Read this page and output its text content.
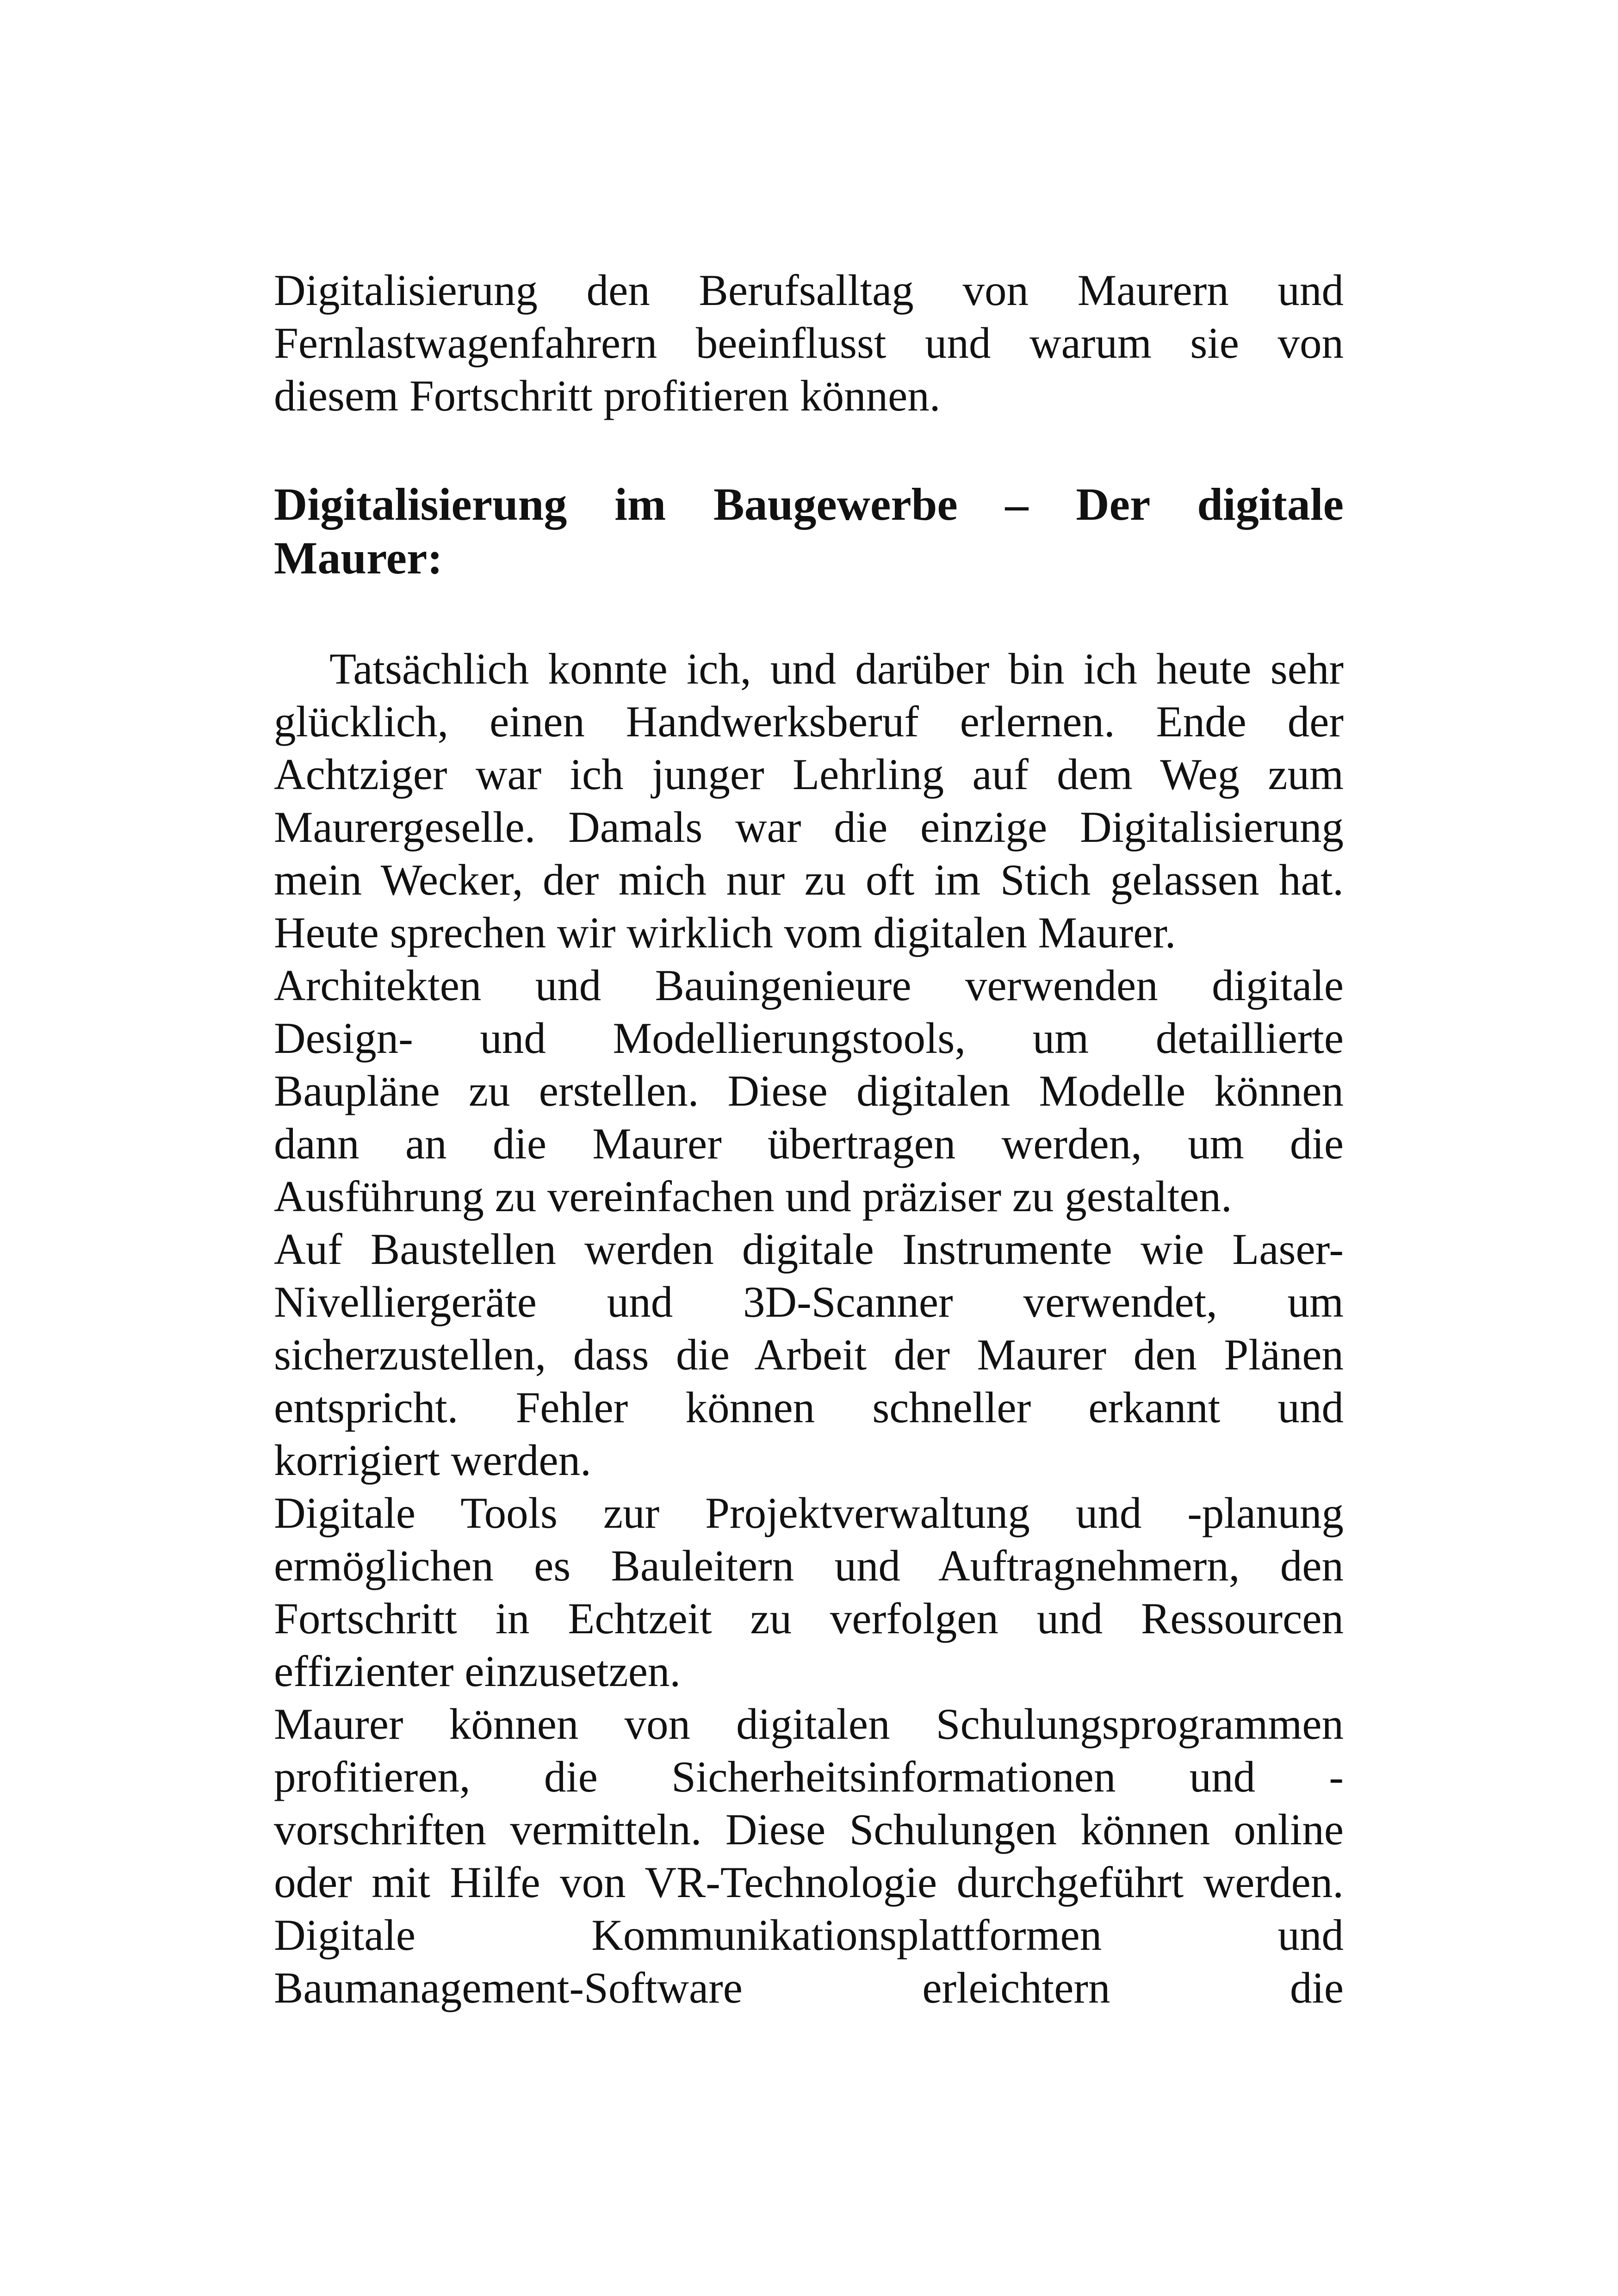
Digitalisierung den Berufsalltag von Maurern und
Fernlastwagenfahrern beeinflusst und warum sie von
diesem Fortschritt profitieren können.
Digitalisierung im Baugewerbe – Der digitale
Maurer:
Tatsächlich konnte ich, und darüber bin ich heute sehr
glücklich, einen Handwerksberuf erlernen. Ende der
Achtziger war ich junger Lehrling auf dem Weg zum
Maurergeselle. Damals war die einzige Digitalisierung
mein Wecker, der mich nur zu oft im Stich gelassen hat.
Heute sprechen wir wirklich vom digitalen Maurer.
Architekten und Bauingenieure verwenden digitale
Design- und Modellierungstools, um detaillierte
Baupläne zu erstellen. Diese digitalen Modelle können
dann an die Maurer übertragen werden, um die
Ausführung zu vereinfachen und präziser zu gestalten.
Auf Baustellen werden digitale Instrumente wie Laser-
Nivelliergeräte und 3D-Scanner verwendet, um
sicherzustellen, dass die Arbeit der Maurer den Plänen
entspricht. Fehler können schneller erkannt und
korrigiert werden.
Digitale Tools zur Projektverwaltung und -planung
ermöglichen es Bauleitern und Auftragnehmern, den
Fortschritt in Echtzeit zu verfolgen und Ressourcen
effizienter einzusetzen.
Maurer können von digitalen Schulungsprogrammen
profitieren, die Sicherheitsinformationen und -
vorschriften vermitteln. Diese Schulungen können online
oder mit Hilfe von VR-Technologie durchgeführt werden.
Digitale Kommunikationsplattformen und
Baumanagement-Software erleichtern die
